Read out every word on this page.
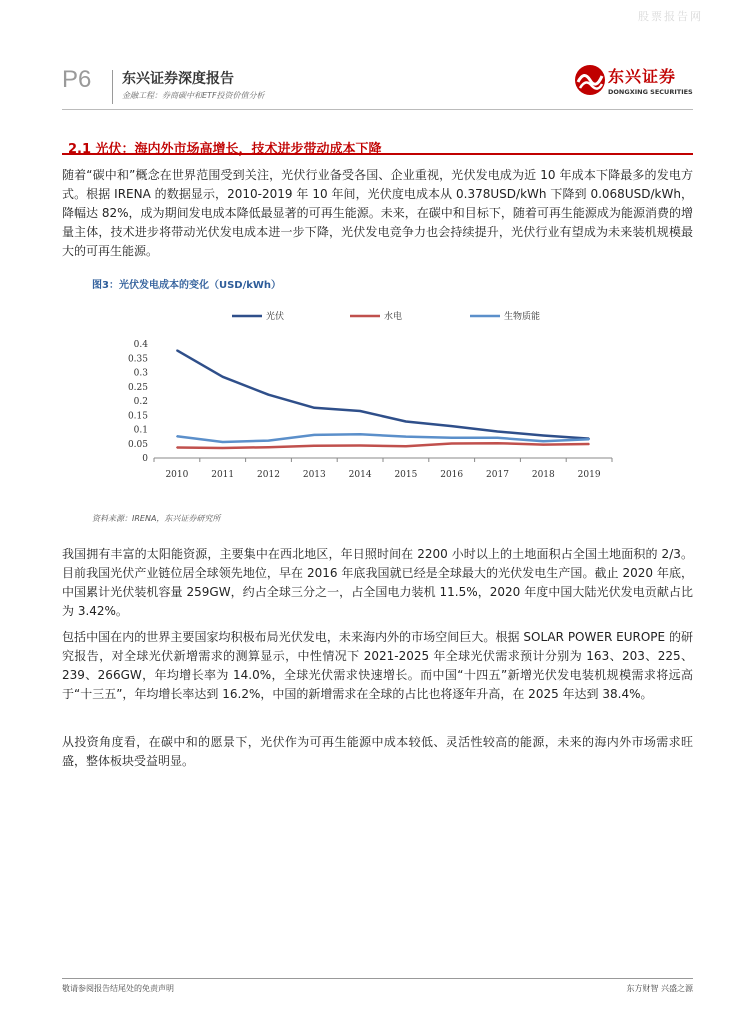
股票报告网
P6 东兴证券深度报告
金融工程：券商碳中和ETF投资价值分析
东兴证券
DONGXING SECURITIES
2.1 光伏：海内外市场高增长，技术进步带动成本下降

随着“碳中和”概念在世界范围受到关注，光伏行业备受各国、企业重视，光伏发电成为近 10 年成本下降最多的发电方式。根据 IRENA 的数据显示，2010-2019 年 10 年间，光伏度电成本从 0.378USD/kWh 下降到 0.068USD/kWh，降幅达 82%，成为期间发电成本降低最显著的可再生能源。未来，在碳中和目标下，随着可再生能源成为能源消费的增量主体，技术进步将带动光伏发电成本进一步下降，光伏发电竞争力也会持续提升，光伏行业有望成为未来装机规模最大的可再生能源。

图3：光伏发电成本的变化（USD/kWh）
光伏	水电	生物质能
0
0.05
0.1
0.15
0.2
0.25
0.3
0.35
0.4
2010	2011	2012	2013	2014	2015	2016	2017	2018	2019
资料来源：IRENA，东兴证券研究所

我国拥有丰富的太阳能资源，主要集中在西北地区，年日照时间在 2200 小时以上的土地面积占全国土地面积的 2/3。目前我国光伏产业链位居全球领先地位，早在 2016 年底我国就已经是全球最大的光伏发电生产国。截止 2020 年底，中国累计光伏装机容量 259GW，约占全球三分之一，占全国电力装机 11.5%，2020 年度中国大陆光伏发电贡献占比为 3.42%。

包括中国在内的世界主要国家均积极布局光伏发电，未来海内外的市场空间巨大。根据 SOLAR POWER EUROPE 的研究报告，对全球光伏新增需求的测算显示，中性情况下 2021-2025 年全球光伏需求预计分别为 163、203、225、239、266GW，年均增长率为 14.0%，全球光伏需求快速增长。而中国“十四五”新增光伏发电装机规模需求将远高于“十三五”，年均增长率达到 16.2%，中国的新增需求在全球的占比也将逐年升高，在 2025 年达到 38.4%。

从投资角度看，在碳中和的愿景下，光伏作为可再生能源中成本较低、灵活性较高的能源，未来的海内外市场需求旺盛，整体板块受益明显。

敬请参阅报告结尾处的免责声明	东方财智 兴盛之源
